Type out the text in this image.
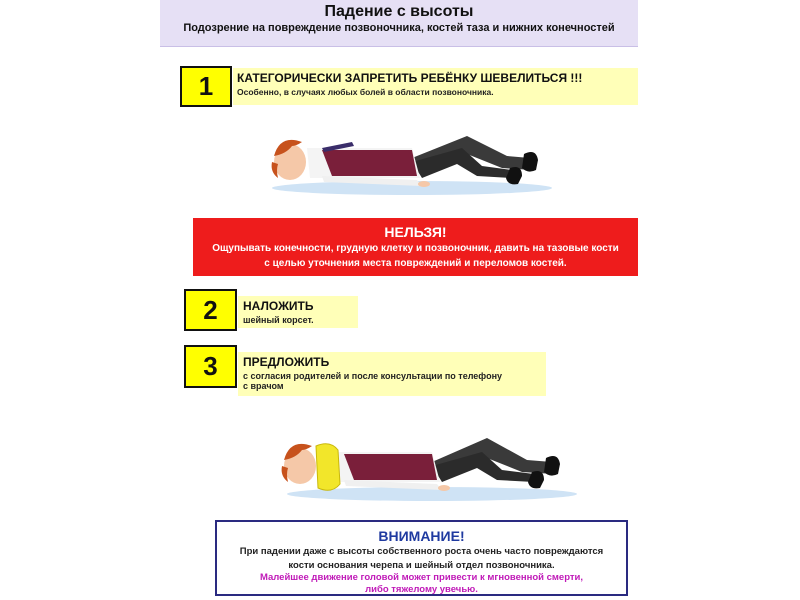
Падение с высоты
Подозрение на повреждение позвоночника, костей таза и нижних конечностей
1	КАТЕГОРИЧЕСКИ ЗАПРЕТИТЬ РЕБЁНКУ ШЕВЕЛИТЬСЯ !!!
Особенно, в случаях любых болей в области позвоночника.
НЕЛЬЗЯ!
Ощупывать конечности, грудную клетку и позвоночник, давить на тазовые кости
с целью уточнения места повреждений и переломов костей.
2	НАЛОЖИТЬ
шейный корсет.
3	ПРЕДЛОЖИТЬ
с согласия родителей и после консультации по телефону
с врачом
ВНИМАНИЕ!
При падении даже с высоты собственного роста очень часто повреждаются
кости основания черепа и шейный отдел позвоночника.
Малейшее движение головой может привести к мгновенной смерти,
либо тяжелому увечью.
